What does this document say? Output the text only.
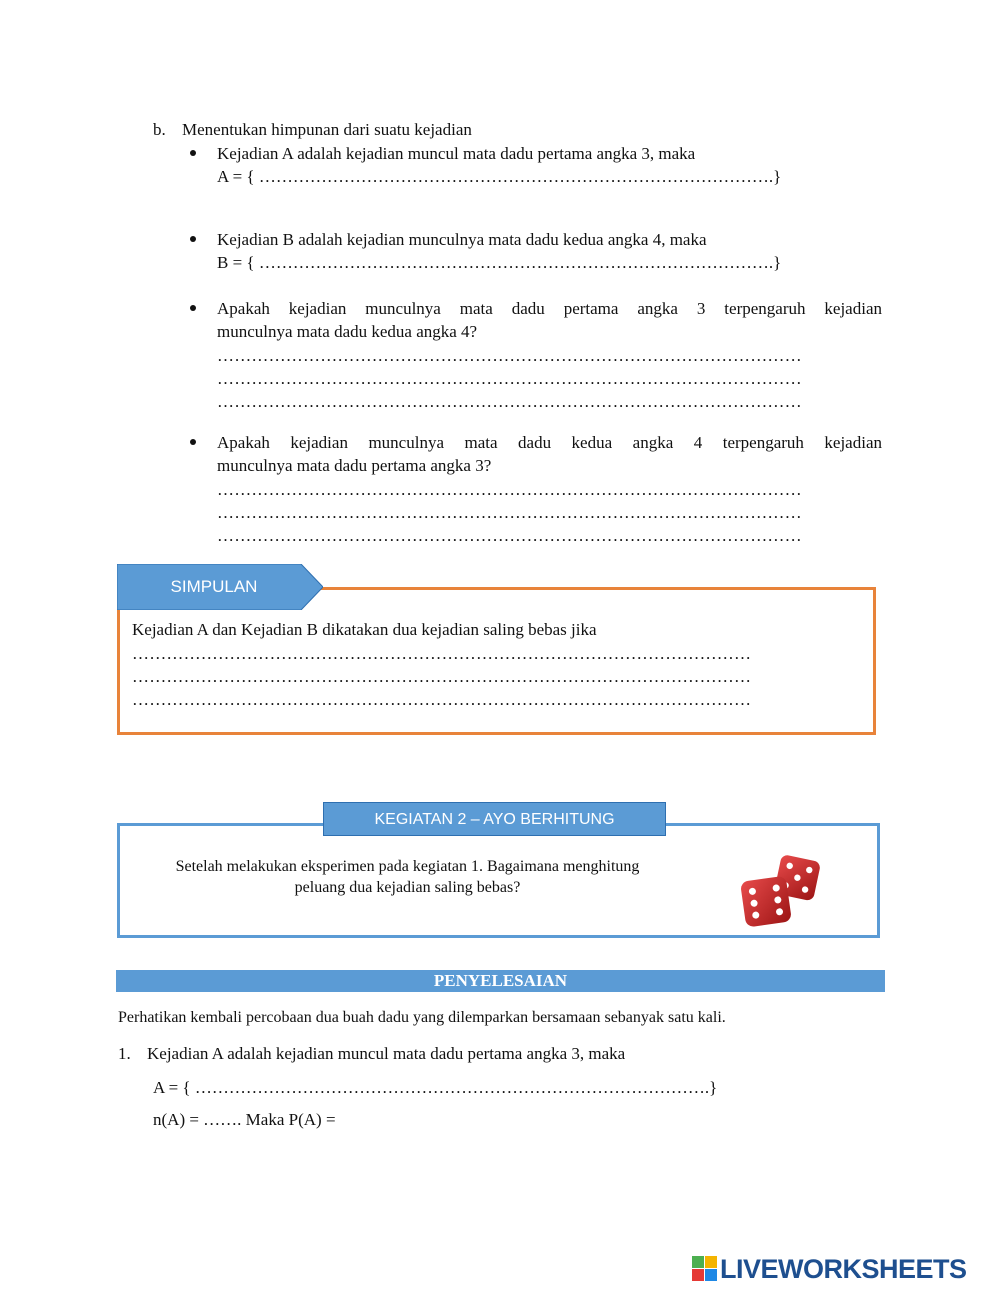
b. Menentukan himpunan dari suatu kejadian
Kejadian A adalah kejadian muncul mata dadu pertama angka 3, maka
A = { ……………………………………………………………………………….}
Kejadian B adalah kejadian munculnya mata dadu kedua angka 4, maka
B = { ……………………………………………………………………………….}
Apakah kejadian munculnya mata dadu pertama angka 3 terpengaruh kejadian
munculnya mata dadu kedua angka 4?
…………………………………………………………………………………………
…………………………………………………………………………………………
…………………………………………………………………………………………
Apakah kejadian munculnya mata dadu kedua angka 4 terpengaruh kejadian
munculnya mata dadu pertama angka 3?
…………………………………………………………………………………………
…………………………………………………………………………………………
…………………………………………………………………………………………
SIMPULAN
Kejadian A dan Kejadian B dikatakan dua kejadian saling bebas jika
………………………………………………………………………………………………
………………………………………………………………………………………………
………………………………………………………………………………………………
KEGIATAN 2 – AYO BERHITUNG
Setelah melakukan eksperimen pada kegiatan 1. Bagaimana menghitung
peluang dua kejadian saling bebas?
PENYELESAIAN
Perhatikan kembali percobaan dua buah dadu yang dilemparkan bersamaan sebanyak satu kali.
1. Kejadian A adalah kejadian muncul mata dadu pertama angka 3, maka
A = { ……………………………………………………………………………….}
n(A) = ……. Maka P(A) =
LIVEWORKSHEETS
